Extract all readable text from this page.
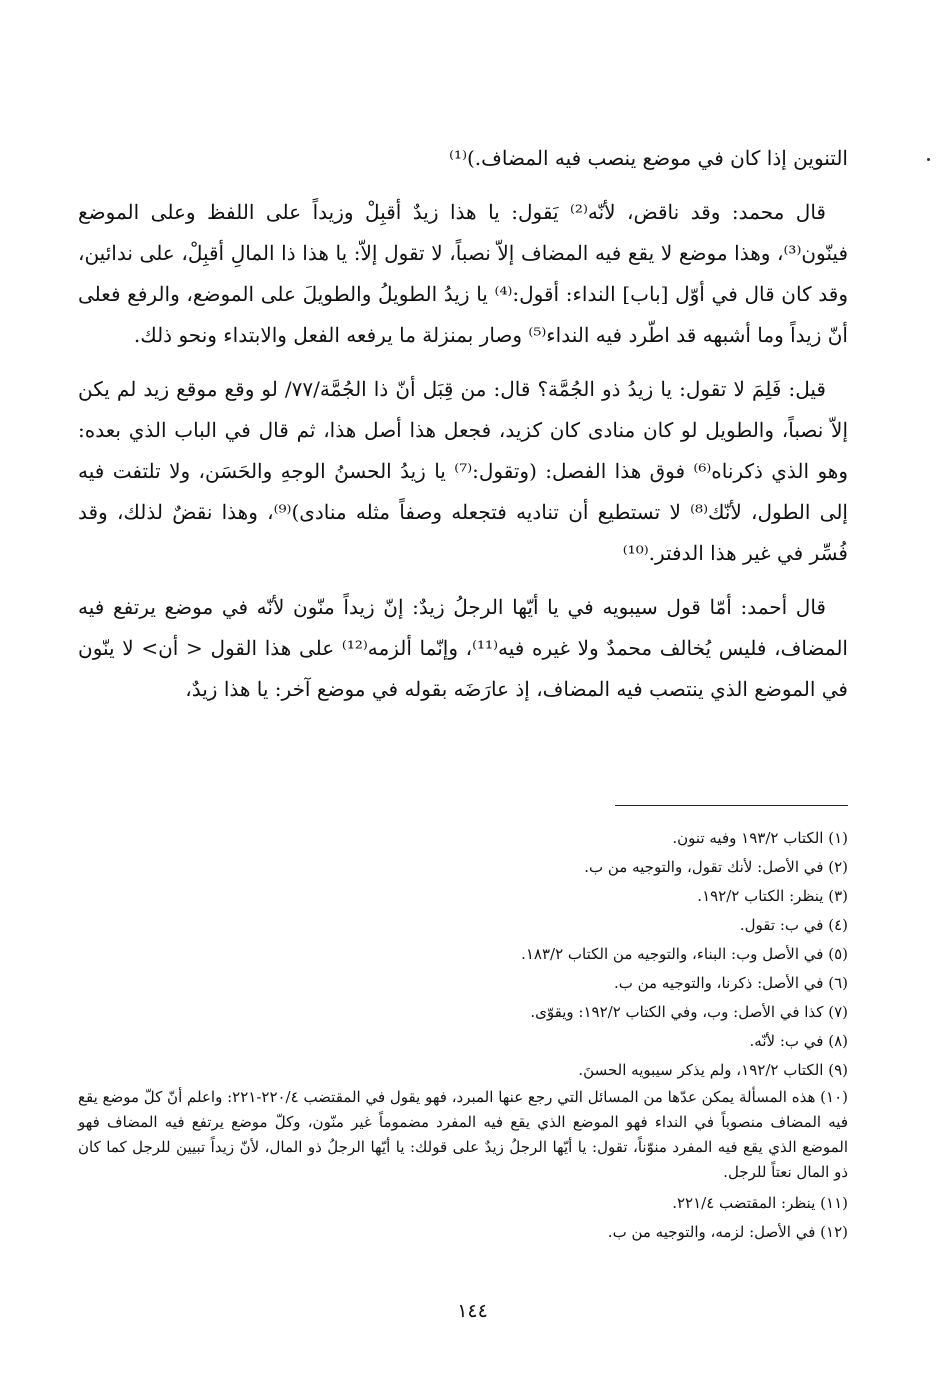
التنوين إذا كان في موضع ينصب فيه المضاف.)⁽¹⁾

قال محمد: وقد ناقض، لأنّه⁽²⁾ يَقول: يا هذا زيدٌ أقبِلْ وزيداً على اللفظ وعلى الموضع فينّون⁽³⁾، وهذا موضع لا يقع فيه المضاف إلاّ نصباً، لا تقول إلاّ: يا هذا ذا المالِ أقبِلْ، على ندائين، وقد كان قال في أوّل [باب] النداء: أقول:⁽⁴⁾ يا زيدُ الطويلُ والطويلَ على الموضع، والرفع فعلى أنّ زيداً وما أشبهه قد اطّرد فيه النداء⁽⁵⁾ وصار بمنزلة ما يرفعه الفعل والابتداء ونحو ذلك.

قيل: فَلِمَ لا تقول: يا زيدُ ذو الجُمَّة؟ قال: من قِبَل أنّ ذا الجُمَّة/٧٧/ لو وقع موقع زيد لم يكن إلاّ نصباً، والطويل لو كان منادى كان كزيد، فجعل هذا أصل هذا، ثم قال في الباب الذي بعده: وهو الذي ذكرناه⁽⁶⁾ فوق هذا الفصل: (وتقول:⁽⁷⁾ يا زيدُ الحسنُ الوجهِ والحَسَن، ولا تلتفت فيه إلى الطول، لأنّك⁽⁸⁾ لا تستطيع أن تناديه فتجعله وصفاً مثله منادى)⁽⁹⁾، وهذا نقضٌ لذلك، وقد فُسِّر في غير هذا الدفتر.⁽¹⁰⁾

قال أحمد: أمّا قول سيبويه في يا أيّها الرجلُ زيدٌ: إنّ زيداً منّون لأنّه في موضع يرتفع فيه المضاف، فليس يُخالف محمدٌ ولا غيره فيه⁽¹¹⁾، وإنّما ألزمه⁽¹²⁾ على هذا القول < أن> لا ينّون في الموضع الذي ينتصب فيه المضاف، إذ عارَضَه بقوله في موضع آخر: يا هذا زيدٌ،

(١) الكتاب ١٩٣/٢ وفيه تنون.

(٢) في الأصل: لأنك تقول، والتوجيه من ب.

(٣) ينظر: الكتاب ١٩٢/٢.

(٤) في ب: تقول.

(٥) في الأصل وب: البناء، والتوجيه من الكتاب ١٨٣/٢.

(٦) في الأصل: ذكرنا، والتوجيه من ب.

(٧) كذا في الأصل: وب، وفي الكتاب ١٩٢/٢: ويقوّى.

(٨) في ب: لأنّه.

(٩) الكتاب ١٩٢/٢، ولم يذكر سيبويه الحسنَ.

(١٠) هذه المسألة يمكن عدّها من المسائل التي رجع عنها المبرد، فهو يقول في المقتضب ٢٢٠/٤-٢٢١: واعلم أنّ كلّ موضع يقع فيه المضاف منصوباً في النداء فهو الموضع الذي يقع فيه المفرد مضموماً غير منّون، وكلّ موضع يرتفع فيه المضاف فهو الموضع الذي يقع فيه المفرد منوّناً، تقول: يا أيّها الرجلُ زيدٌ على قولك: يا أيّها الرجلُ ذو المال، لأنّ زيداً تبيين للرجل كما كان ذو المال نعتاً للرجل.

(١١) ينظر: المقتضب ٢٢١/٤.

(١٢) في الأصل: لزمه، والتوجيه من ب.

١٤٤
